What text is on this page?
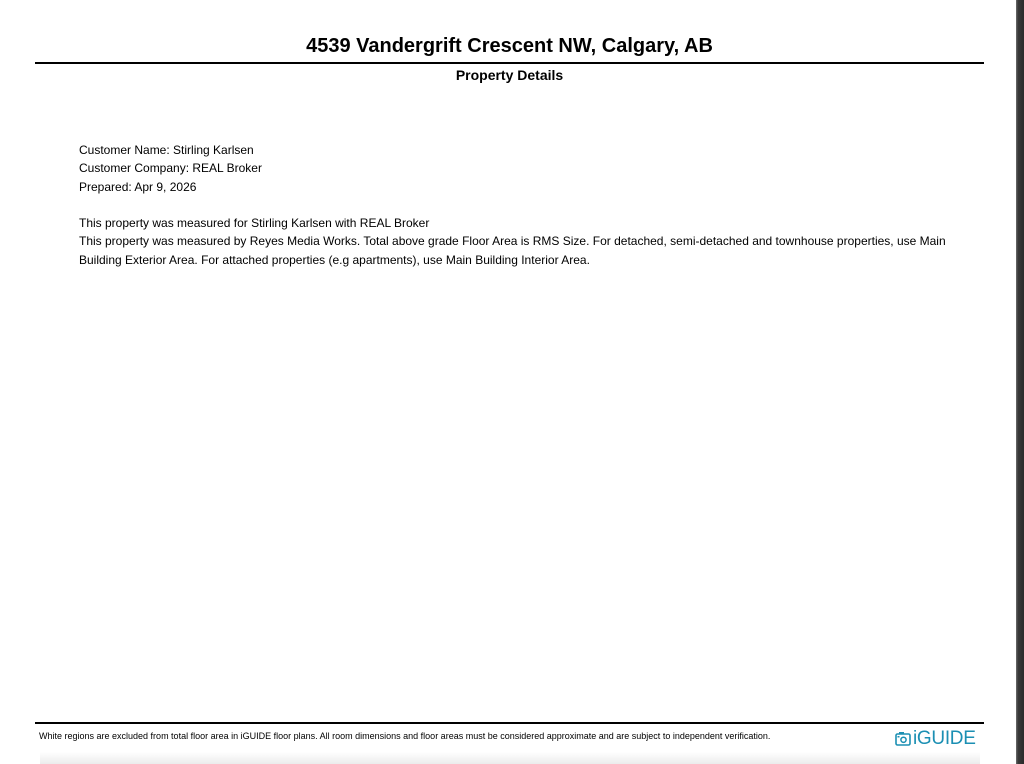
4539 Vandergrift Crescent NW, Calgary, AB
Property Details
Customer Name: Stirling Karlsen
Customer Company: REAL Broker
Prepared: Apr 9, 2026
This property was measured for Stirling Karlsen with REAL Broker
This property was measured by Reyes Media Works. Total above grade Floor Area is RMS Size. For detached, semi-detached and townhouse properties, use Main Building Exterior Area. For attached properties (e.g apartments), use Main Building Interior Area.
White regions are excluded from total floor area in iGUIDE floor plans. All room dimensions and floor areas must be considered approximate and are subject to independent verification.	iGUIDE
